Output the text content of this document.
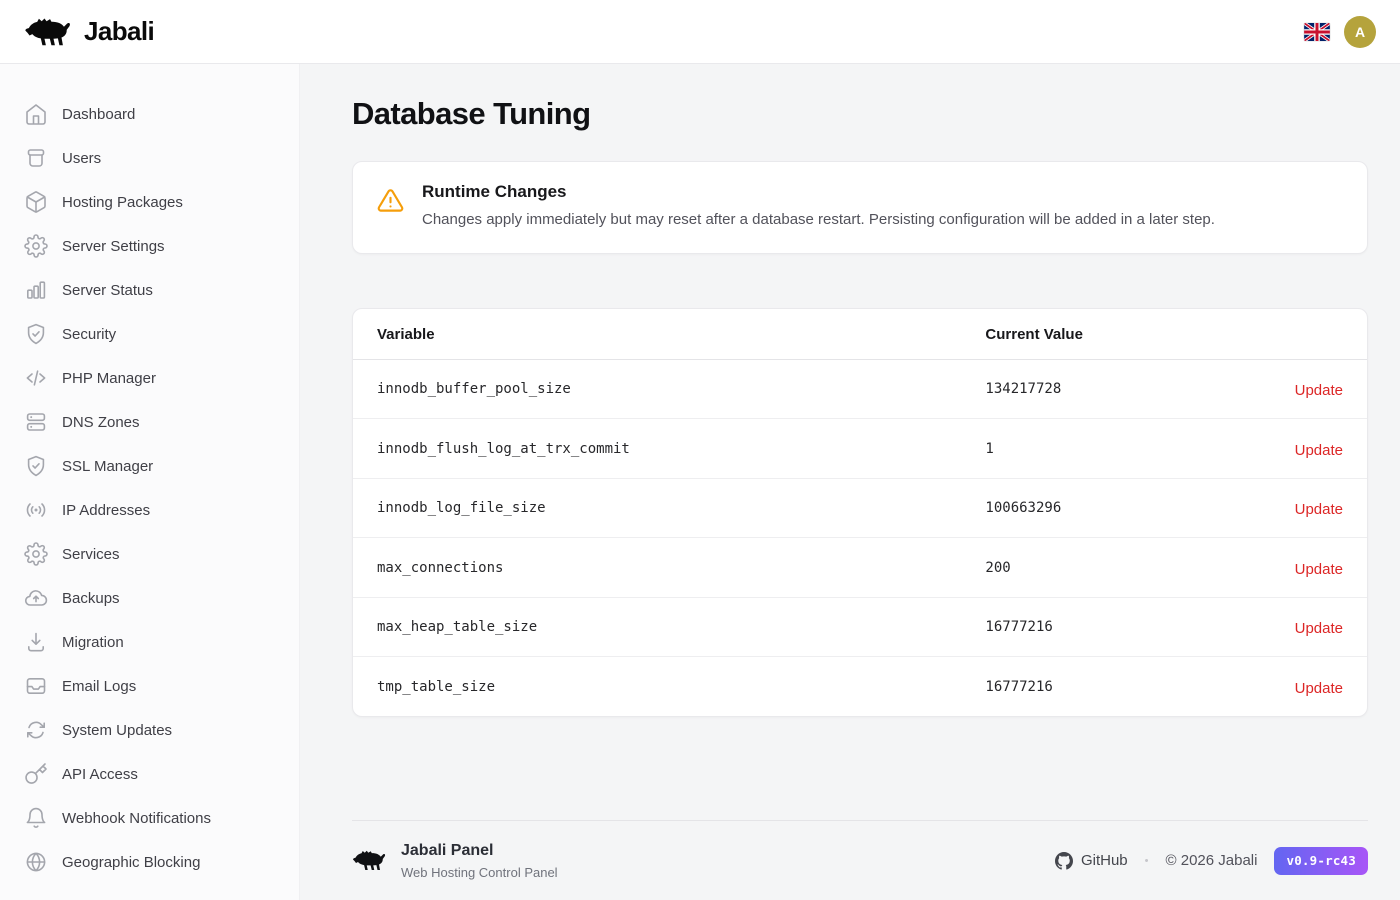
Jabali	A
Dashboard
Users
Hosting Packages
Server Settings
Server Status
Security
PHP Manager
DNS Zones
SSL Manager
IP Addresses
Services
Backups
Migration
Email Logs
System Updates
API Access
Webhook Notifications
Geographic Blocking
Database Tuning
Runtime Changes

Changes apply immediately but may reset after a database restart. Persisting configuration will be added in a later step.

Variable	Current Value	
innodb_buffer_pool_size	134217728	Update

innodb_flush_log_at_trx_commit	1	Update

innodb_log_file_size	100663296	Update

max_connections	200	Update

max_heap_table_size	16777216	Update

tmp_table_size	16777216	Update
Jabali Panel
Web Hosting Control Panel
GitHub • © 2026 Jabali	v0.9-rc43
